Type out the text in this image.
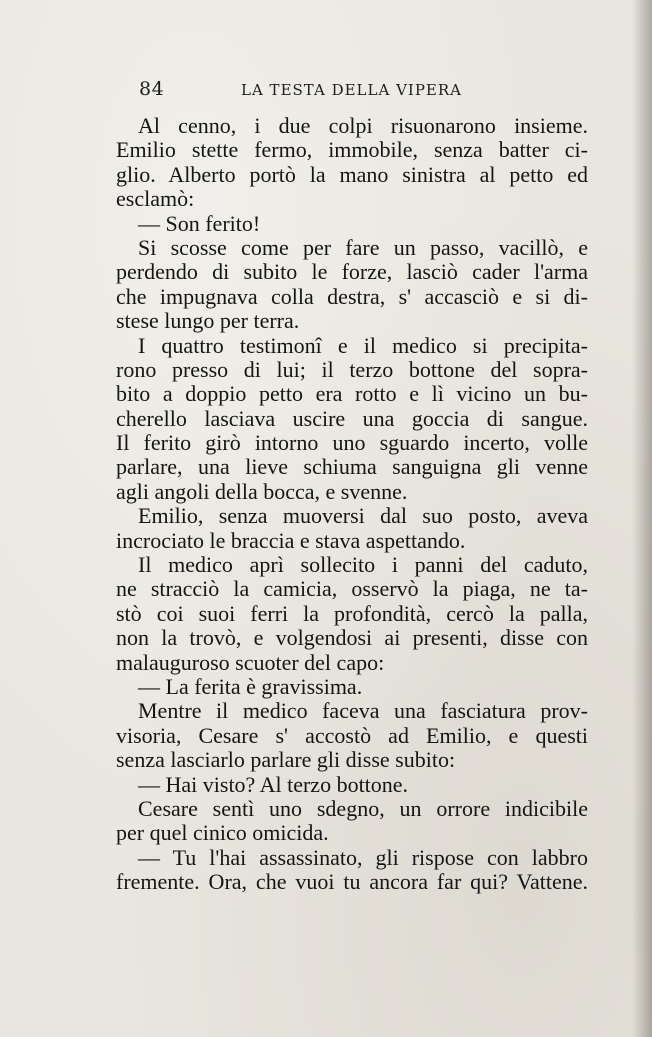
84	LA TESTA DELLA VIPERA
Al cenno, i due colpi risuonarono insieme.
Emilio stette fermo, immobile, senza batter ci-
glio. Alberto portò la mano sinistra al petto ed
esclamò:
— Son ferito!
Si scosse come per fare un passo, vacillò, e
perdendo di subito le forze, lasciò cader l'arma
che impugnava colla destra, s' accasciò e si di-
stese lungo per terra.
I quattro testimonî e il medico si precipita-
rono presso di lui; il terzo bottone del sopra-
bito a doppio petto era rotto e lì vicino un bu-
cherello lasciava uscire una goccia di sangue.
Il ferito girò intorno uno sguardo incerto, volle
parlare, una lieve schiuma sanguigna gli venne
agli angoli della bocca, e svenne.
Emilio, senza muoversi dal suo posto, aveva
incrociato le braccia e stava aspettando.
Il medico aprì sollecito i panni del caduto,
ne stracciò la camicia, osservò la piaga, ne ta-
stò coi suoi ferri la profondità, cercò la palla,
non la trovò, e volgendosi ai presenti, disse con
malauguroso scuoter del capo:
— La ferita è gravissima.
Mentre il medico faceva una fasciatura prov-
visoria, Cesare s' accostò ad Emilio, e questi
senza lasciarlo parlare gli disse subito:
— Hai visto? Al terzo bottone.
Cesare sentì uno sdegno, un orrore indicibile
per quel cinico omicida.
— Tu l'hai assassinato, gli rispose con labbro
fremente. Ora, che vuoi tu ancora far qui? Vattene.
